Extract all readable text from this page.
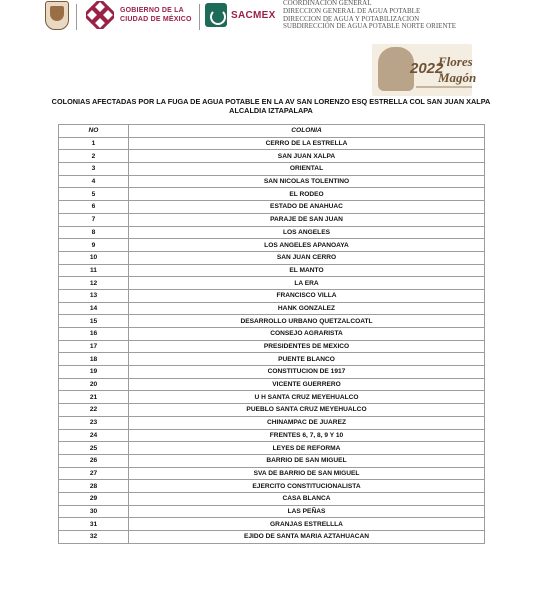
GOBIERNO DE LA
CIUDAD DE MÉXICO	SACMEX
COORDINACIÓN GENERAL
DIRECCION GENERAL DE AGUA POTABLE
DIRECCION DE AGUA Y POTABILIZACION
SUBDIRECCIÓN DE AGUA POTABLE NORTE ORIENTE
2022
Flores Magón
COLONIAS AFECTADAS POR LA FUGA DE AGUA POTABLE EN LA AV SAN LORENZO ESQ ESTRELLA COL SAN JUAN XALPA ALCALDIA IZTAPALAPA
NO	COLONIA
1	CERRO DE LA ESTRELLA
2	SAN JUAN XALPA
3	ORIENTAL
4	SAN NICOLAS TOLENTINO
5	EL RODEO
6	ESTADO DE ANAHUAC
7	PARAJE DE SAN JUAN
8	LOS ANGELES
9	LOS ANGELES APANOAYA
10	SAN JUAN CERRO
11	EL MANTO
12	LA ERA
13	FRANCISCO VILLA
14	HANK GONZALEZ
15	DESARROLLO URBANO QUETZALCOATL
16	CONSEJO AGRARISTA
17	PRESIDENTES DE MEXICO
18	PUENTE BLANCO
19	CONSTITUCION DE 1917
20	VICENTE GUERRERO
21	U H SANTA CRUZ MEYEHUALCO
22	PUEBLO SANTA CRUZ MEYEHUALCO
23	CHINAMPAC DE JUAREZ
24	FRENTES 6, 7, 8, 9 Y 10
25	LEYES DE REFORMA
26	BARRIO DE SAN MIGUEL
27	SVA DE BARRIO DE SAN MIGUEL
28	EJERCITO CONSTITUCIONALISTA
29	CASA BLANCA
30	LAS PEÑAS
31	GRANJAS ESTRELLLA
32	EJIDO DE SANTA MARIA AZTAHUACAN
